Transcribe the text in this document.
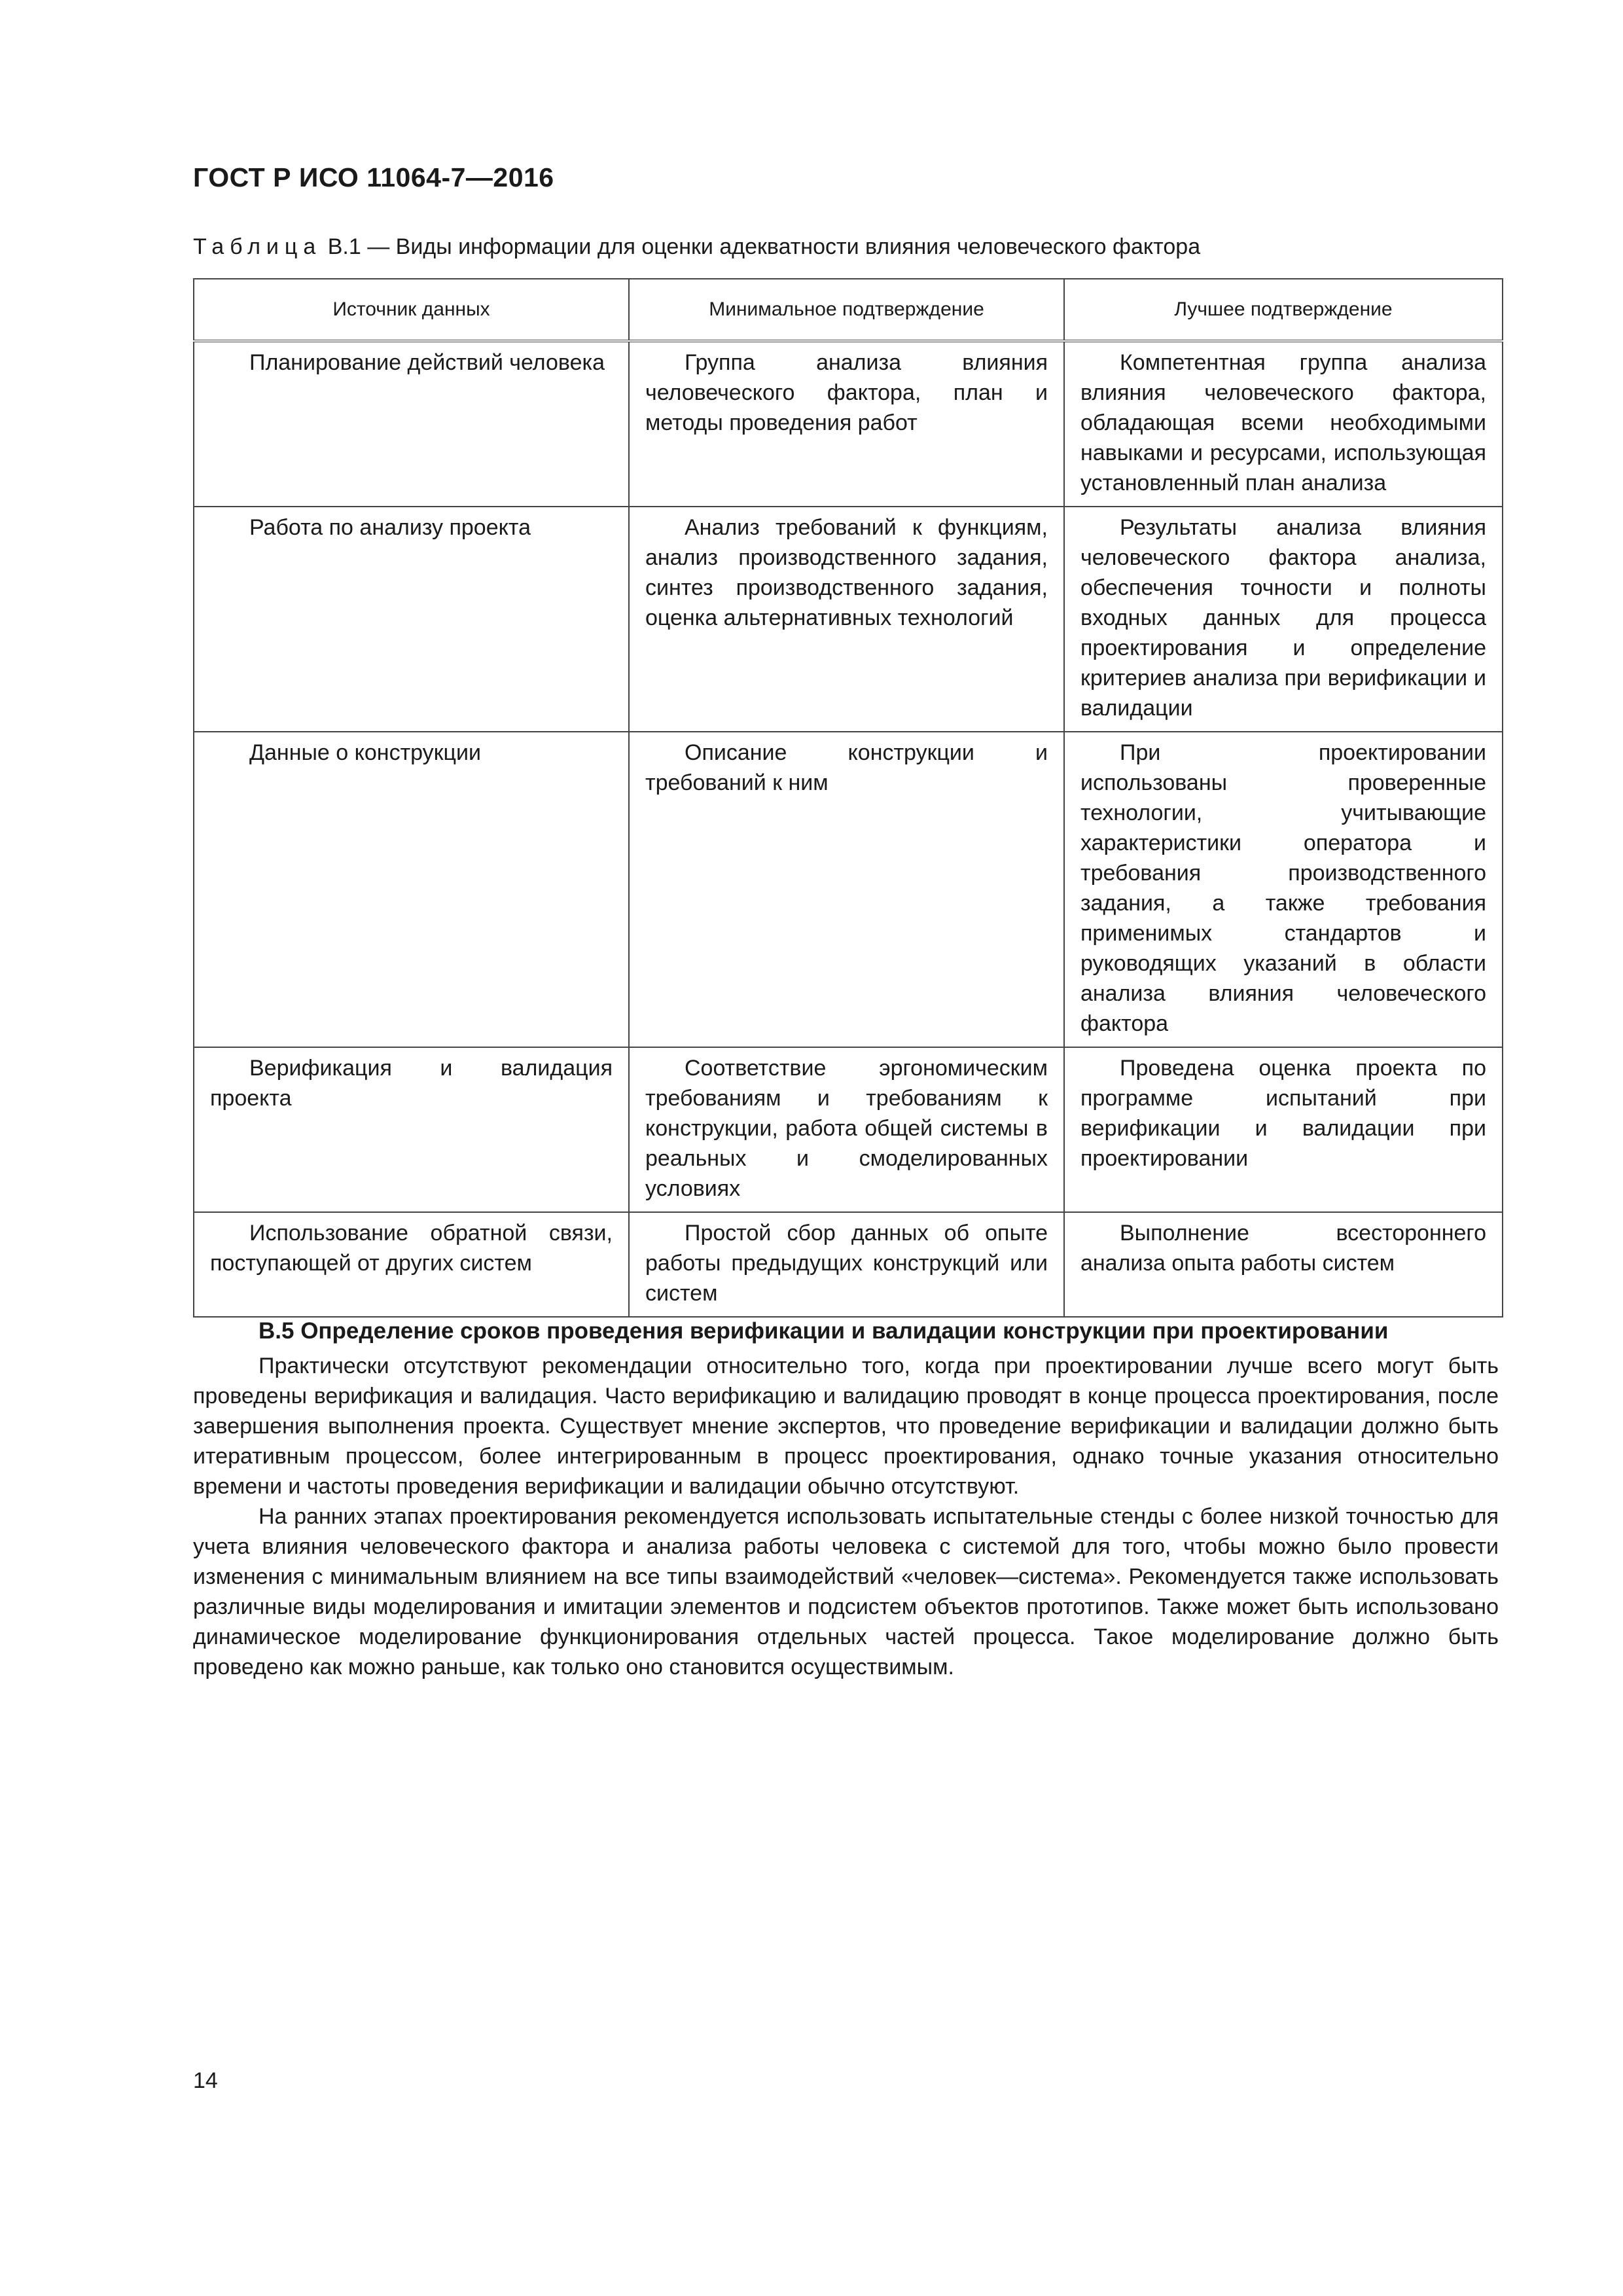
ГОСТ Р ИСО 11064-7—2016

Таблица В.1 — Виды информации для оценки адекватности влияния человеческого фактора

Источник данных	Минимальное подтверждение	Лучшее подтверждение

Планирование действий человека	Группа анализа влияния человеческого фактора, план и методы проведения работ	Компетентная группа анализа влияния человеческого фактора, обладающая всеми необходимыми навыками и ресурсами, использующая установленный план анализа

Работа по анализу проекта	Анализ требований к функциям, анализ производственного задания, синтез производственного задания, оценка альтернативных технологий	Результаты анализа влияния человеческого фактора анализа, обеспечения точности и полноты входных данных для процесса проектирования и определение критериев анализа при верификации и валидации

Данные о конструкции	Описание конструкции и требований к ним	При проектировании использованы проверенные технологии, учитывающие характеристики оператора и требования производственного задания, а также требования применимых стандартов и руководящих указаний в области анализа влияния человеческого фактора

Верификация и валидация проекта	Соответствие эргономическим требованиям и требованиям к конструкции, работа общей системы в реальных и смоделированных условиях	Проведена оценка проекта по программе испытаний при верификации и валидации при проектировании

Использование обратной связи, поступающей от других систем	Простой сбор данных об опыте работы предыдущих конструкций или систем	Выполнение всестороннего анализа опыта работы систем
В.5 Определение сроков проведения верификации и валидации конструкции при проектировании

Практически отсутствуют рекомендации относительно того, когда при проектировании лучше всего могут быть проведены верификация и валидация. Часто верификацию и валидацию проводят в конце процесса проектирования, после завершения выполнения проекта. Существует мнение экспертов, что проведение верификации и валидации должно быть итеративным процессом, более интегрированным в процесс проектирования, однако точные указания относительно времени и частоты проведения верификации и валидации обычно отсутствуют.

На ранних этапах проектирования рекомендуется использовать испытательные стенды с более низкой точностью для учета влияния человеческого фактора и анализа работы человека с системой для того, чтобы можно было провести изменения с минимальным влиянием на все типы взаимодействий «человек—система». Рекомендуется также использовать различные виды моделирования и имитации элементов и подсистем объектов прототипов. Также может быть использовано динамическое моделирование функционирования отдельных частей процесса. Такое моделирование должно быть проведено как можно раньше, как только оно становится осуществимым.

14
